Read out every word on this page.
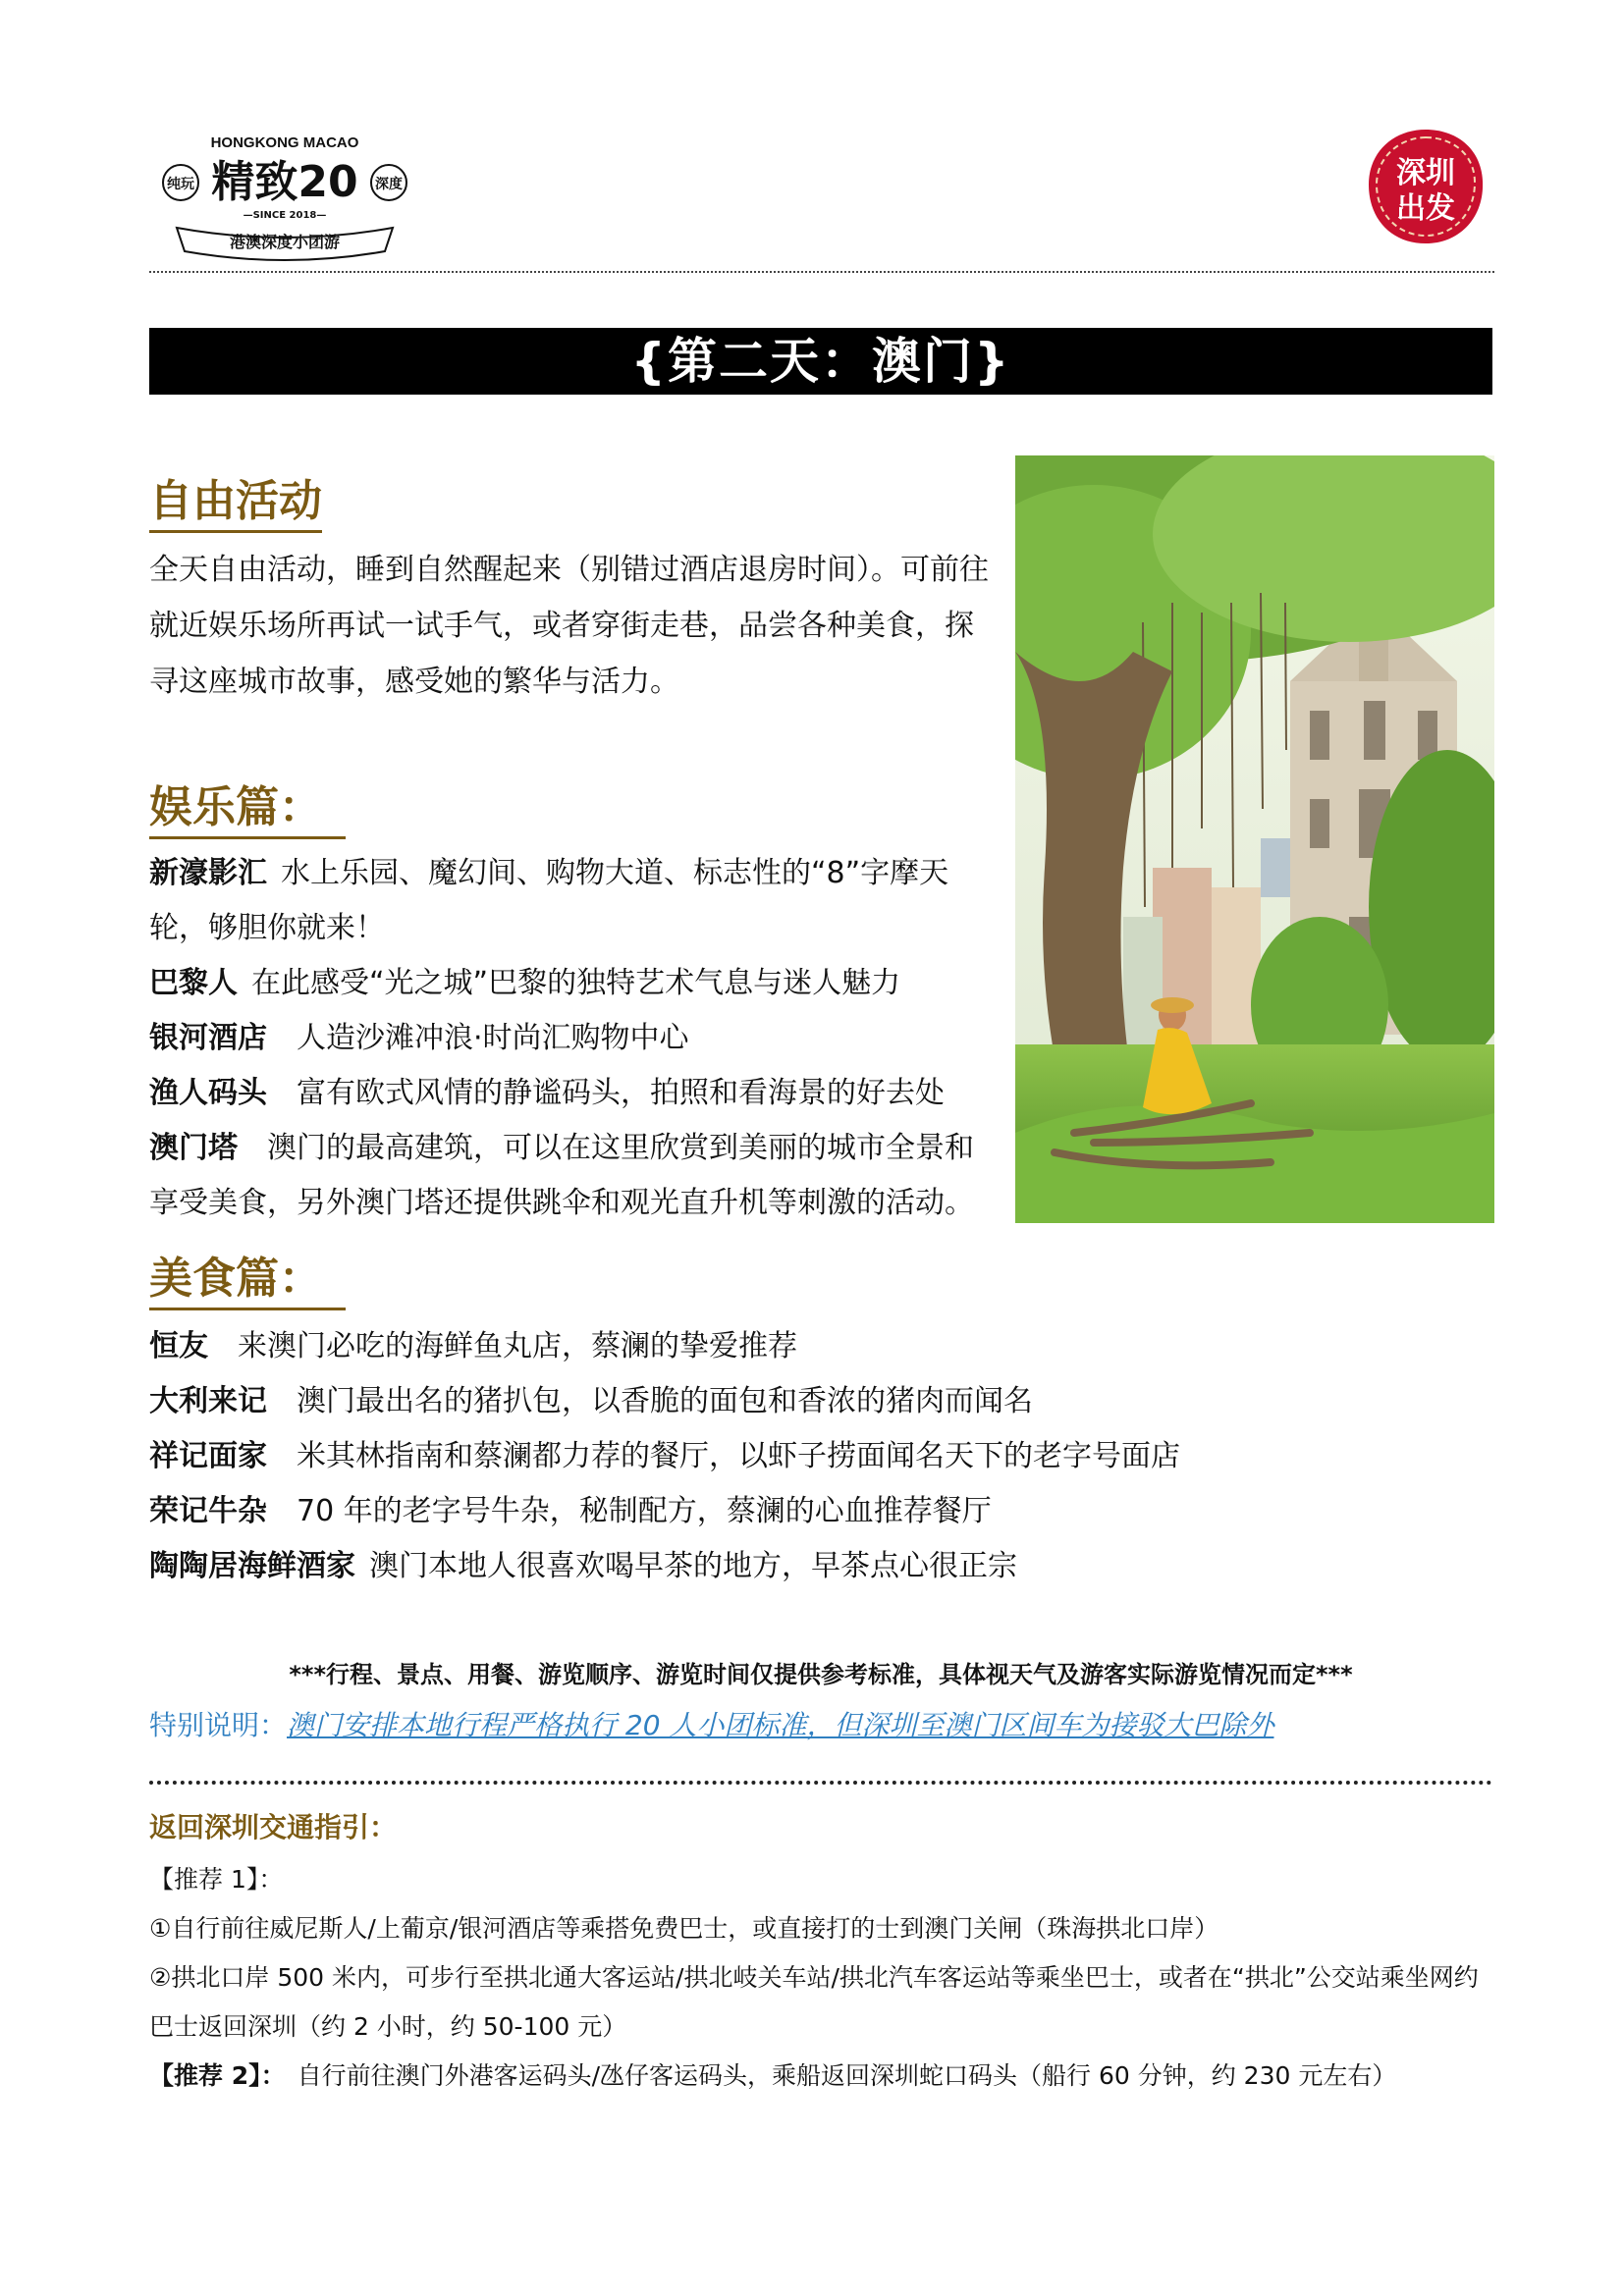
HONGKONG MACAO
纯玩 精致20 深度
—SINCE 2018—
港澳深度小团游
深圳
出发
{第二天：澳门}
自由活动
全天自由活动，睡到自然醒起来（别错过酒店退房时间）。可前往就近娱乐场所再试一试手气，或者穿街走巷，品尝各种美食，探寻这座城市故事，感受她的繁华与活力。
娱乐篇：
新濠影汇 水上乐园、魔幻间、购物大道、标志性的“8”字摩天轮，够胆你就来！
巴黎人 在此感受“光之城”巴黎的独特艺术气息与迷人魅力
银河酒店 人造沙滩冲浪·时尚汇购物中心
渔人码头 富有欧式风情的静谧码头，拍照和看海景的好去处
澳门塔 澳门的最高建筑，可以在这里欣赏到美丽的城市全景和享受美食，另外澳门塔还提供跳伞和观光直升机等刺激的活动。
美食篇：
恒友 来澳门必吃的海鲜鱼丸店，蔡澜的挚爱推荐
大利来记 澳门最出名的猪扒包，以香脆的面包和香浓的猪肉而闻名
祥记面家 米其林指南和蔡澜都力荐的餐厅，以虾子捞面闻名天下的老字号面店
荣记牛杂 70 年的老字号牛杂，秘制配方，蔡澜的心血推荐餐厅
陶陶居海鲜酒家 澳门本地人很喜欢喝早茶的地方，早茶点心很正宗
***行程、景点、用餐、游览顺序、游览时间仅提供参考标准，具体视天气及游客实际游览情况而定***
特别说明：澳门安排本地行程严格执行 20 人小团标准，但深圳至澳门区间车为接驳大巴除外
返回深圳交通指引：
【推荐 1】：
①自行前往威尼斯人/上葡京/银河酒店等乘搭免费巴士，或直接打的士到澳门关闸（珠海拱北口岸）
②拱北口岸 500 米内，可步行至拱北通大客运站/拱北岐关车站/拱北汽车客运站等乘坐巴士，或者在“拱北”公交站乘坐网约巴士返回深圳（约 2 小时，约 50-100 元）
【推荐 2】： 自行前往澳门外港客运码头/氹仔客运码头，乘船返回深圳蛇口码头（船行 60 分钟，约 230 元左右）
